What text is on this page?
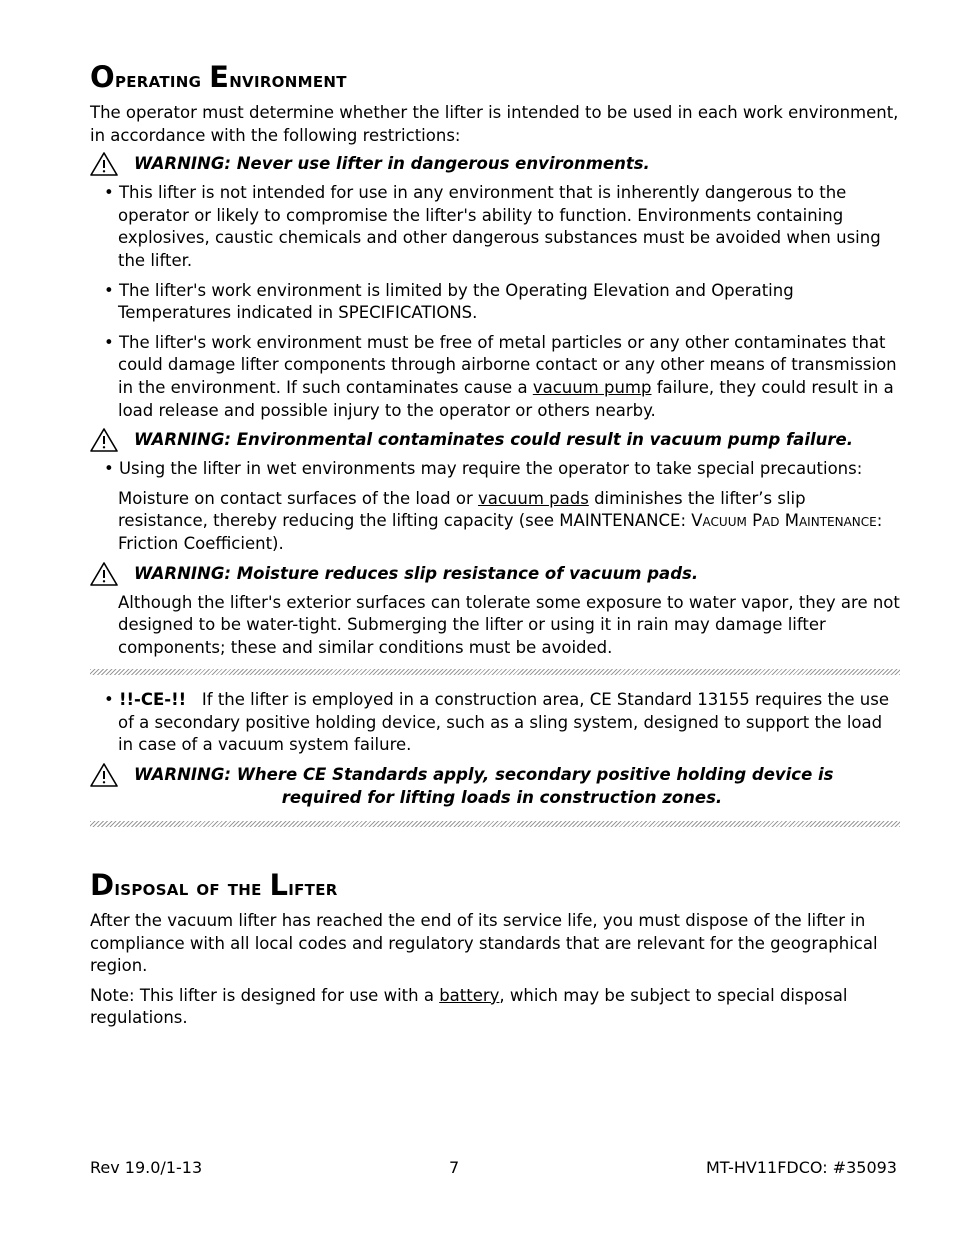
Operating Environment

The operator must determine whether the lifter is intended to be used in each work environment, in accordance with the following restrictions:

WARNING: Never use lifter in dangerous environments.

• This lifter is not intended for use in any environment that is inherently dangerous to the operator or likely to compromise the lifter's ability to function. Environments containing explosives, caustic chemicals and other dangerous substances must be avoided when using the lifter.

• The lifter's work environment is limited by the Operating Elevation and Operating Temperatures indicated in SPECIFICATIONS.

• The lifter's work environment must be free of metal particles or any other contaminates that could damage lifter components through airborne contact or any other means of transmission in the environment. If such contaminates cause a vacuum pump failure, they could result in a load release and possible injury to the operator or others nearby.

WARNING: Environmental contaminates could result in vacuum pump failure.

• Using the lifter in wet environments may require the operator to take special precautions:

Moisture on contact surfaces of the load or vacuum pads diminishes the lifter’s slip resistance, thereby reducing the lifting capacity (see MAINTENANCE: Vacuum Pad Maintenance: Friction Coefficient).

WARNING: Moisture reduces slip resistance of vacuum pads.

Although the lifter's exterior surfaces can tolerate some exposure to water vapor, they are not designed to be water-tight. Submerging the lifter or using it in rain may damage lifter components; these and similar conditions must be avoided.

• !!-CE-!!   If the lifter is employed in a construction area, CE Standard 13155 requires the use of a secondary positive holding device, such as a sling system, designed to support the load in case of a vacuum system failure.

WARNING: Where CE Standards apply, secondary positive holding device is
required for lifting loads in construction zones.
Disposal of the Lifter

After the vacuum lifter has reached the end of its service life, you must dispose of the lifter in compliance with all local codes and regulatory standards that are relevant for the geographical region.

Note: This lifter is designed for use with a battery, which may be subject to special disposal regulations.

Rev 19.0/1-13	7	MT-HV11FDCO: #35093
